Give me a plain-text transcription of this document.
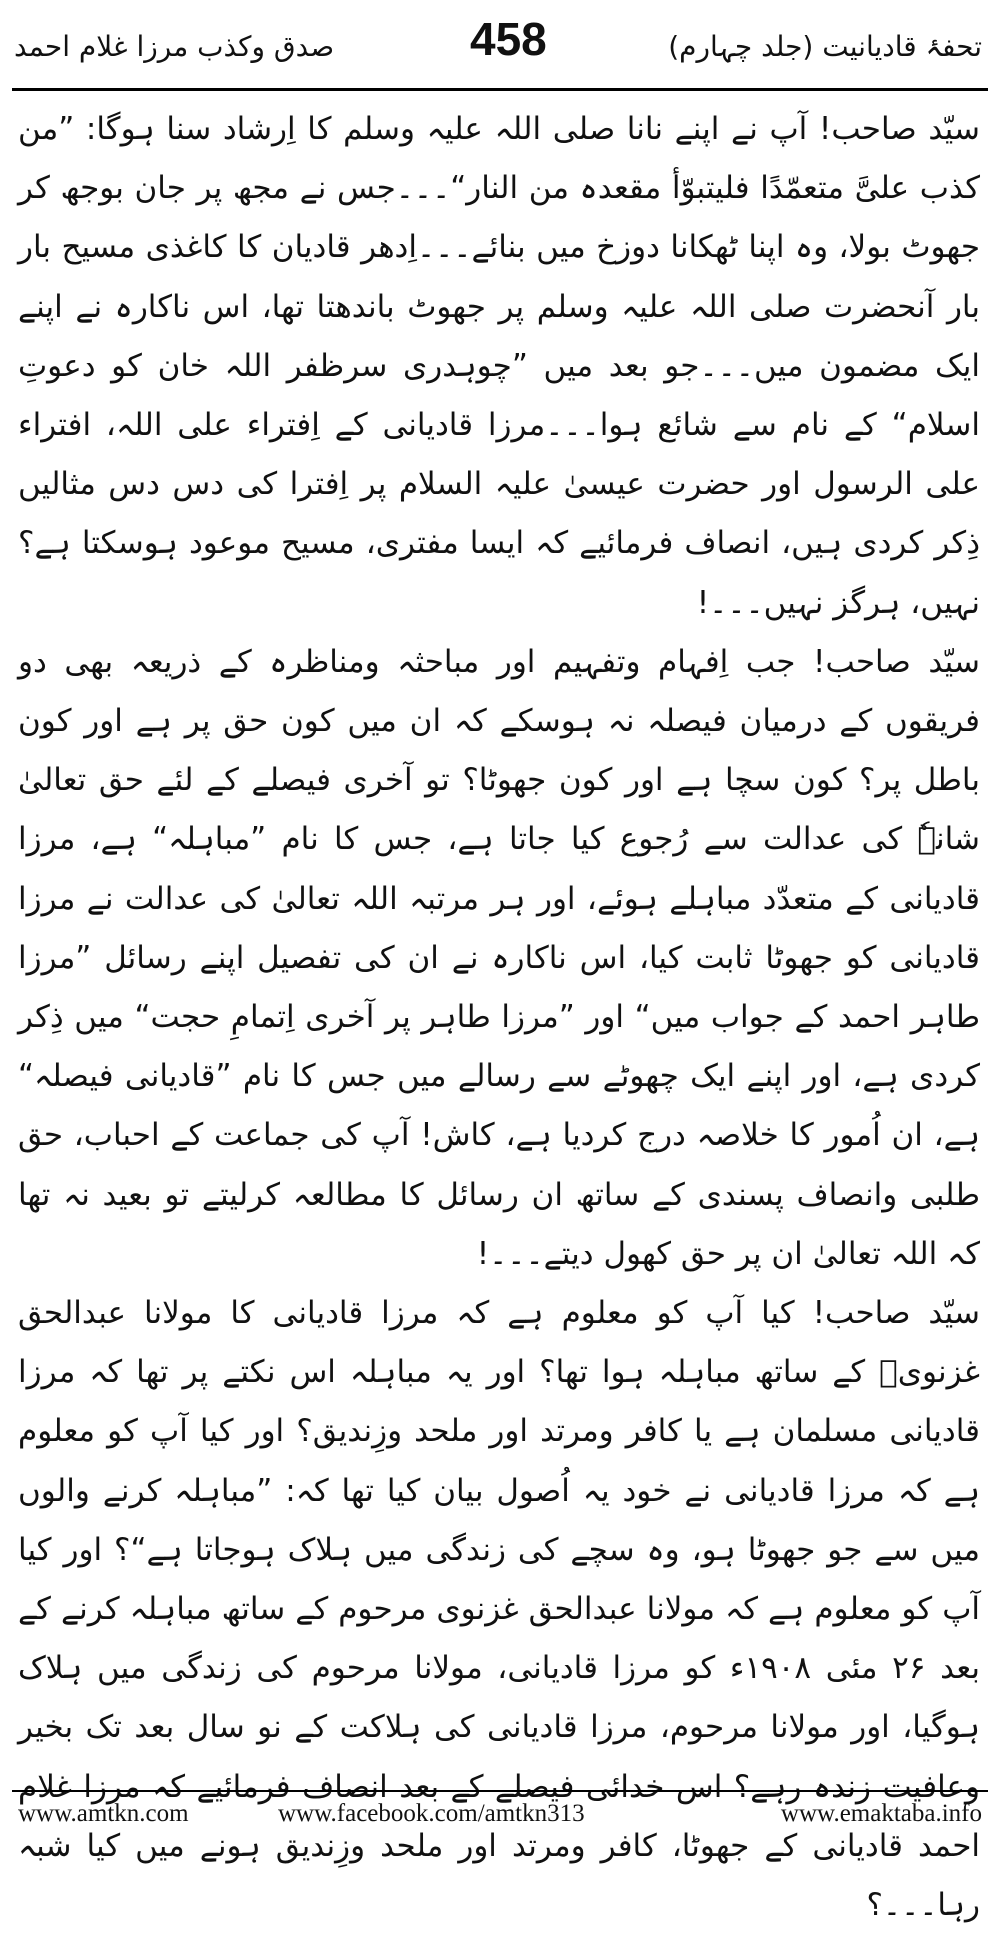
تحفۂ قادیانیت (جلد چہارم)
458
صدق وکذب مرزا غلام احمد

سیّد صاحب! آپ نے اپنے نانا صلی اللہ علیہ وسلم کا اِرشاد سنا ہوگا: ”من کذب علیَّ متعمّدًا فلیتبوّأ مقعدہ من النار“۔۔۔جس نے مجھ پر جان بوجھ کر جھوٹ بولا، وہ اپنا ٹھکانا دوزخ میں بنائے۔۔۔اِدھر قادیان کا کاغذی مسیح بار بار آنحضرت صلی اللہ علیہ وسلم پر جھوٹ باندھتا تھا، اس ناکارہ نے اپنے ایک مضمون میں۔۔۔جو بعد میں ”چوہدری سرظفر اللہ خان کو دعوتِ اسلام“ کے نام سے شائع ہوا۔۔۔مرزا قادیانی کے اِفتراء علی اللہ، افتراء علی الرسول اور حضرت عیسیٰ علیہ السلام پر اِفترا کی دس دس مثالیں ذِکر کردی ہیں، انصاف فرمائیے کہ ایسا مفتری، مسیح موعود ہوسکتا ہے؟ نہیں، ہرگز نہیں۔۔۔!

سیّد صاحب! جب اِفہام وتفہیم اور مباحثہ ومناظرہ کے ذریعہ بھی دو فریقوں کے درمیان فیصلہ نہ ہوسکے کہ ان میں کون حق پر ہے اور کون باطل پر؟ کون سچا ہے اور کون جھوٹا؟ تو آخری فیصلے کے لئے حق تعالیٰ شانہٗ کی عدالت سے رُجوع کیا جاتا ہے، جس کا نام ”مباہلہ“ ہے، مرزا قادیانی کے متعدّد مباہلے ہوئے، اور ہر مرتبہ اللہ تعالیٰ کی عدالت نے مرزا قادیانی کو جھوٹا ثابت کیا، اس ناکارہ نے ان کی تفصیل اپنے رسائل ”مرزا طاہر احمد کے جواب میں“ اور ”مرزا طاہر پر آخری اِتمامِ حجت“ میں ذِکر کردی ہے، اور اپنے ایک چھوٹے سے رسالے میں جس کا نام ”قادیانی فیصلہ“ ہے، ان اُمور کا خلاصہ درج کردیا ہے، کاش! آپ کی جماعت کے احباب، حق طلبی وانصاف پسندی کے ساتھ ان رسائل کا مطالعہ کرلیتے تو بعید نہ تھا کہ اللہ تعالیٰ ان پر حق کھول دیتے۔۔۔!

سیّد صاحب! کیا آپ کو معلوم ہے کہ مرزا قادیانی کا مولانا عبدالحق غزنویؒ کے ساتھ مباہلہ ہوا تھا؟ اور یہ مباہلہ اس نکتے پر تھا کہ مرزا قادیانی مسلمان ہے یا کافر ومرتد اور ملحد وزِندیق؟ اور کیا آپ کو معلوم ہے کہ مرزا قادیانی نے خود یہ اُصول بیان کیا تھا کہ: ”مباہلہ کرنے والوں میں سے جو جھوٹا ہو، وہ سچے کی زندگی میں ہلاک ہوجاتا ہے“؟ اور کیا آپ کو معلوم ہے کہ مولانا عبدالحق غزنوی مرحوم کے ساتھ مباہلہ کرنے کے بعد ۲۶ مئی ۱۹۰۸ء کو مرزا قادیانی، مولانا مرحوم کی زندگی میں ہلاک ہوگیا، اور مولانا مرحوم، مرزا قادیانی کی ہلاکت کے نو سال بعد تک بخیر وعافیت زندہ رہے؟ اس خدائی فیصلے کے بعد انصاف فرمائیے کہ مرزا غلام احمد قادیانی کے جھوٹا، کافر ومرتد اور ملحد وزِندیق ہونے میں کیا شبہ رہا۔۔۔؟

www.amtkn.com	www.facebook.com/amtkn313	www.emaktaba.info
